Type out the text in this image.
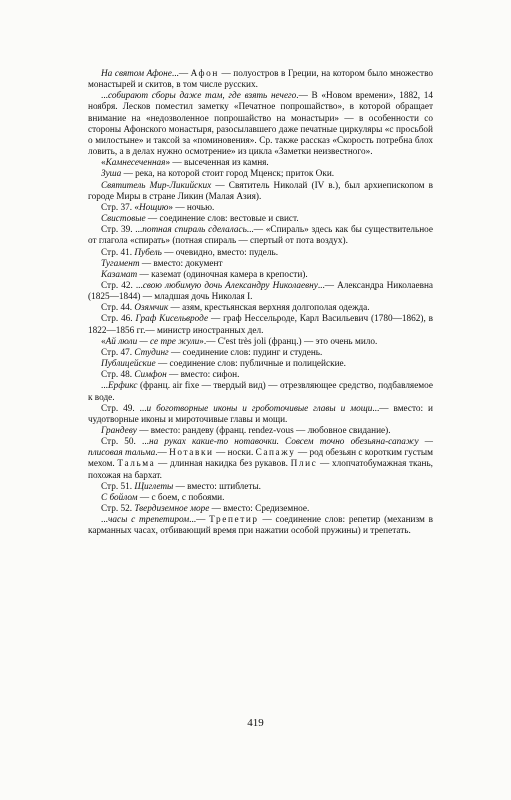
На святом Афоне...— Афон — полуостров в Греции, на котором было множество монастырей и скитов, в том числе русских.

...собирают сборы даже там, где взять нечего.— В «Новом времени», 1882, 14 ноября. Лесков поместил заметку «Печатное попрошайство», в которой обращает внимание на «недозволенное попрошайство на монастыри» — в особенности со стороны Афонского монастыря, разосылавшего даже печатные циркуляры «с просьбой о милостыне» и таксой за «поминовения». Ср. также рассказ «Скорость потребна блох ловить, а в делах нужно осмотрение» из цикла «Заметки неизвестного».

«Камнесеченная» — высеченная из камня.

Зуша — река, на которой стоит город Мценск; приток Оки.

Святитель Мир-Ликийских — Святитель Николай (IV в.), был архиепископом в городе Миры в стране Ликин (Малая Азия).

Стр. 37. «Нощию» — ночью.

Свистовые — соединение слов: вестовые и свист.

Стр. 39. ...потная спираль сделалась...— «Спираль» здесь как бы существительное от глагола «спирать» (потная спираль — спертый от пота воздух).

Стр. 41. Пубель — очевидно, вместо: пудель.

Тугамент — вместо: документ

Казамат — каземат (одиночная камера в крепости).

Стр. 42. ...свою любимую дочь Александру Николаевну...— Александра Николаевна (1825—1844) — младшая дочь Николая I.

Стр. 44. Озямчик — азям, крестьянская верхняя долгополая одежда.

Стр. 46. Граф Кисельвроде — граф Нессельроде, Карл Васильевич (1780—1862), в 1822—1856 гг.— министр иностранных дел.

«Ай люли — се тре жули».— C'est très joli (франц.) — это очень мило.

Стр. 47. Студинг — соединение слов: пудинг и студень.

Публицейские — соединение слов: публичные и полицейские.

Стр. 48. Симфон — вместо: сифон.

...Ерфикс (франц. air fixe — твердый вид) — отрезвляющее средство, подбавляемое к воде.

Стр. 49. ...и боготворные иконы и гроботочивые главы и мощи...— вместо: и чудотворные иконы и мироточивые главы и мощи.

Грандеву — вместо: рандеву (франц. rendez-vous — любовное свидание).

Стр. 50. ...на руках какие-то нотавочки. Совсем точно обезьяна-сапажу — плисовая тальма.— Нотавки — носки. Сапажу — род обезьян с коротким густым мехом. Тальма — длинная накидка без рукавов. Плис — хлопчатобумажная ткань, похожая на бархат.

Стр. 51. Щиглеты — вместо: штиблеты.

С бойлом — с боем, с побоями.

Стр. 52. Твердиземное море — вместо: Средиземное.

...часы с трепетиром...— Трепетир — соединение слов: репетир (механизм в карманных часах, отбивающий время при нажатии особой пружины) и трепетать.

419
